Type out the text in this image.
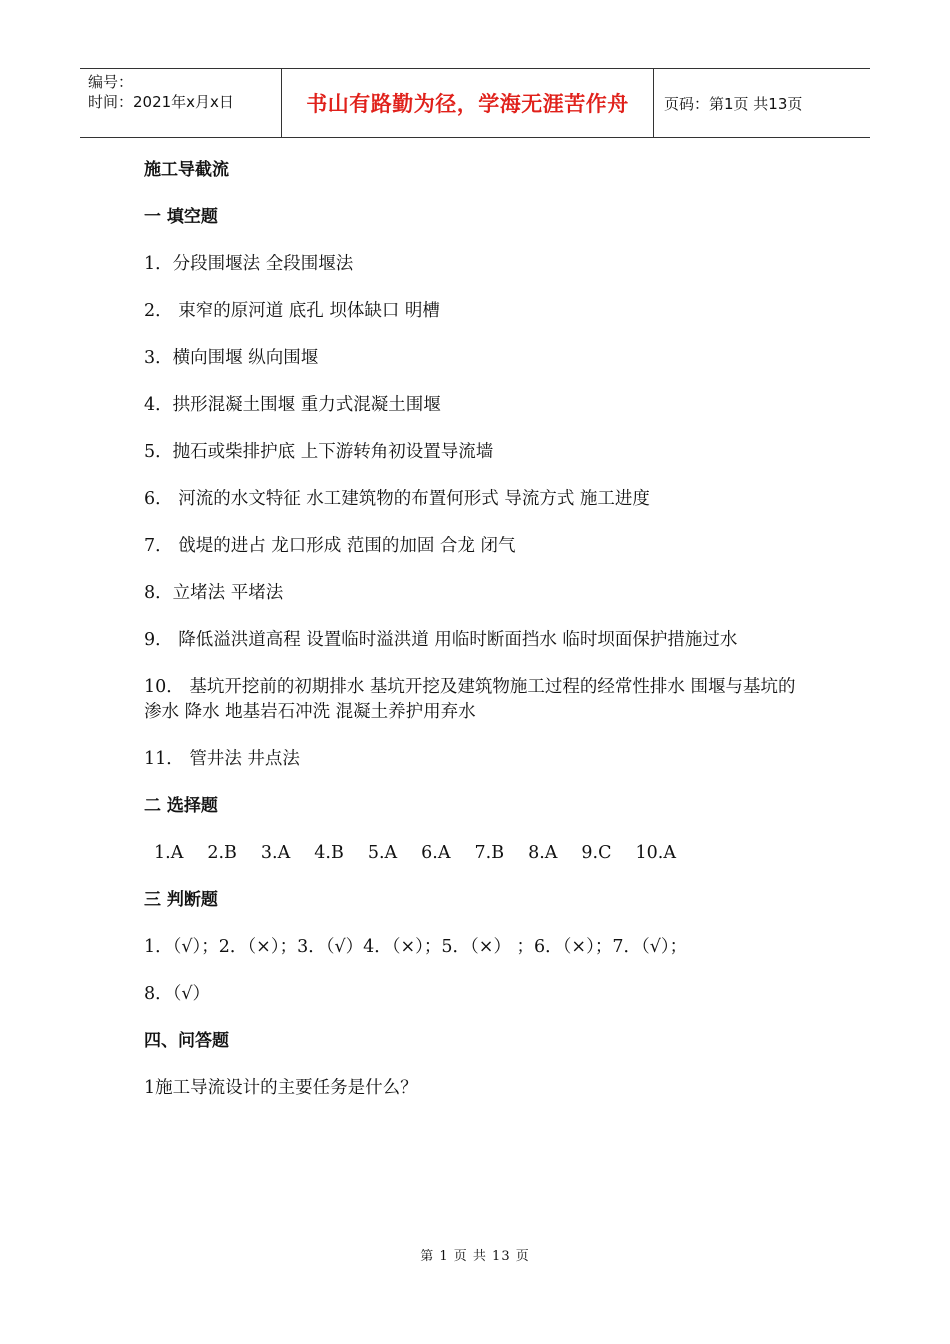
编号：
时间：2021年x月x日	书山有路勤为径，学海无涯苦作舟 页码：第1页 共13页

施工导截流

一 填空题

1．分段围堰法 全段围堰法

2． 束窄的原河道 底孔 坝体缺口 明槽

3．横向围堰 纵向围堰

4．拱形混凝土围堰 重力式混凝土围堰

5．抛石或柴排护底 上下游转角初设置导流墙

6． 河流的水文特征 水工建筑物的布置何形式 导流方式 施工进度

7． 戗堤的进占 龙口形成 范围的加固 合龙 闭气

8．立堵法 平堵法

9． 降低溢洪道高程 设置临时溢洪道 用临时断面挡水 临时坝面保护措施过水

10． 基坑开挖前的初期排水 基坑开挖及建筑物施工过程的经常性排水 围堰与基坑的渗水 降水 地基岩石冲洗 混凝土养护用弃水

11． 管井法 井点法

二 选择题

1.A 2.B 3.A 4.B 5.A 6.A 7.B 8.A 9.C 10.A

三 判断题

1．（√）；2．（×）；3．（√）4．（×）；5．（×） ；6．（×）；7．（√）；

8．（√）

四、问答题

1施工导流设计的主要任务是什么？

第 1 页 共 13 页
